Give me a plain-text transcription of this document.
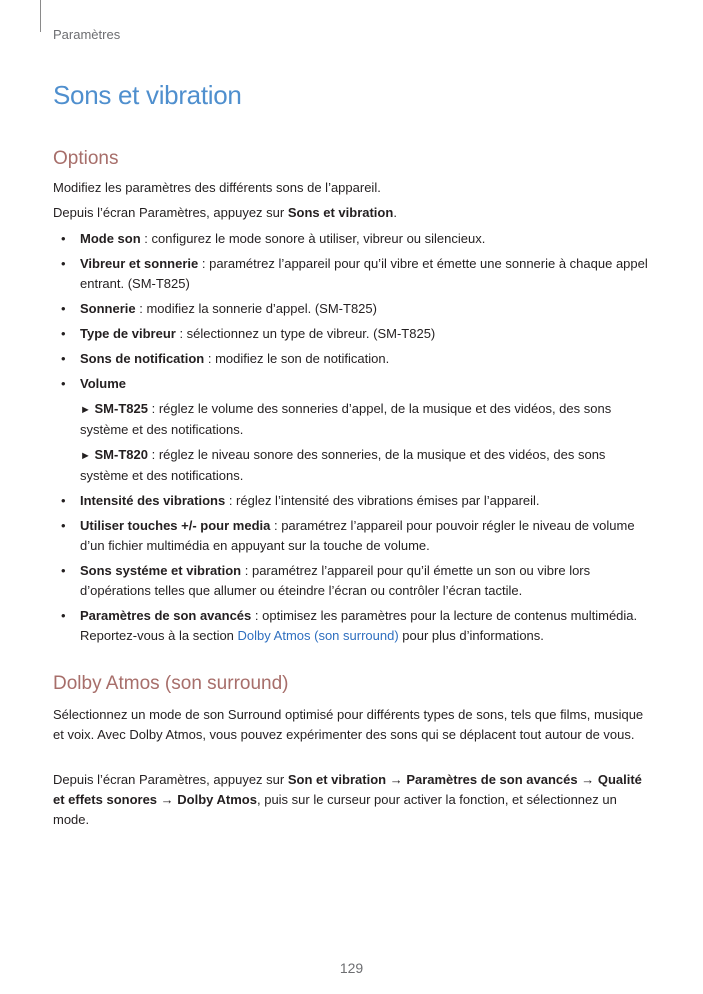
Paramètres
Sons et vibration
Options

Modifiez les paramètres des différents sons de l’appareil.

Depuis l’écran Paramètres, appuyez sur Sons et vibration.

• Mode son : configurez le mode sonore à utiliser, vibreur ou silencieux.
• Vibreur et sonnerie : paramétrez l’appareil pour qu’il vibre et émette une sonnerie à chaque appel entrant. (SM-T825)
• Sonnerie : modifiez la sonnerie d’appel. (SM-T825)
• Type de vibreur : sélectionnez un type de vibreur. (SM-T825)
• Sons de notification : modifiez le son de notification.
• Volume
► SM-T825 : réglez le volume des sonneries d’appel, de la musique et des vidéos, des sons système et des notifications.
► SM-T820 : réglez le niveau sonore des sonneries, de la musique et des vidéos, des sons système et des notifications.
• Intensité des vibrations : réglez l’intensité des vibrations émises par l’appareil.
• Utiliser touches +/- pour media : paramétrez l’appareil pour pouvoir régler le niveau de volume d’un fichier multimédia en appuyant sur la touche de volume.
• Sons systéme et vibration : paramétrez l’appareil pour qu’il émette un son ou vibre lors d’opérations telles que allumer ou éteindre l’écran ou contrôler l’écran tactile.
• Paramètres de son avancés : optimisez les paramètres pour la lecture de contenus multimédia. Reportez-vous à la section Dolby Atmos (son surround) pour plus d’informations.
Dolby Atmos (son surround)

Sélectionnez un mode de son Surround optimisé pour différents types de sons, tels que films, musique et voix. Avec Dolby Atmos, vous pouvez expérimenter des sons qui se déplacent tout autour de vous.

Depuis l’écran Paramètres, appuyez sur Son et vibration → Paramètres de son avancés → Qualité et effets sonores → Dolby Atmos, puis sur le curseur pour activer la fonction, et sélectionnez un mode.

129
